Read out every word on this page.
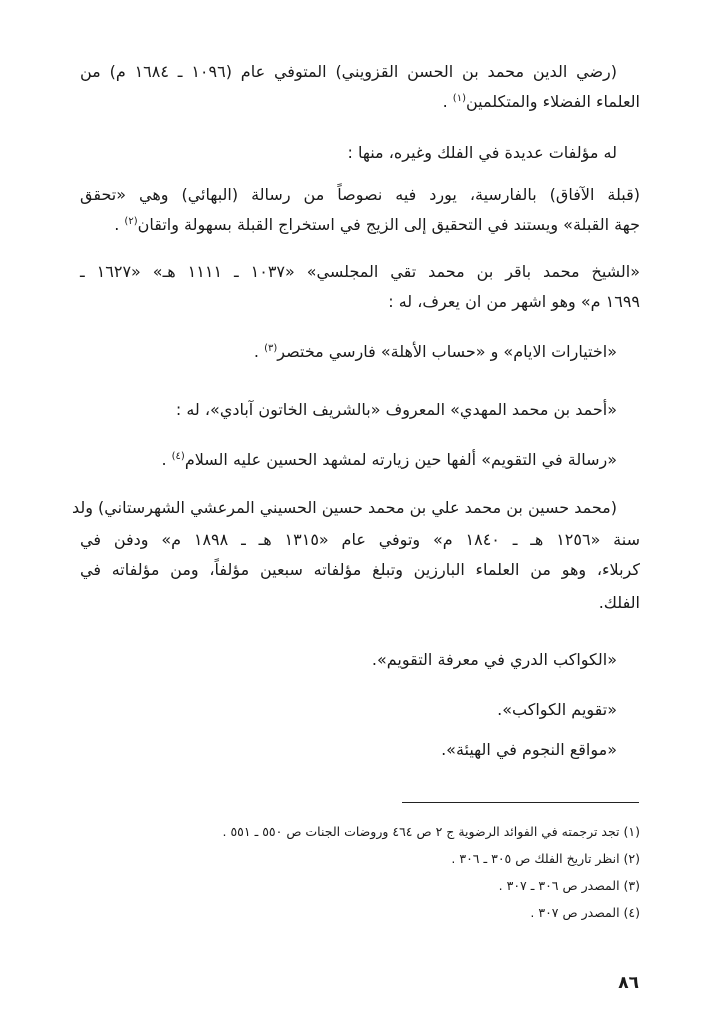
(رضي الدين محمد بن الحسن القزويني) المتوفي عام (١٠٩٦ ـ ١٦٨٤ م) من
العلماء الفضلاء والمتكلمين$^{(١)}$ .
له مؤلفات عديدة في الفلك وغيره، منها :
(قبلة الآفاق) بالفارسية، يورد فيه نصوصاً من رسالة (البهائي) وهي «تحقق
جهة القبلة» ويستند في التحقيق إلى الزيج في استخراج القبلة بسهولة واتقان$^{(٢)}$ .
«الشيخ محمد باقر بن محمد تقي المجلسي» «١٠٣٧ ـ ١١١١ هـ» «١٦٢٧ ـ
١٦٩٩ م» وهو اشهر من ان يعرف، له :
«اختيارات الايام» و «حساب الأهلة» فارسي مختصر$^{(٣)}$ .
«أحمد بن محمد المهدي» المعروف «بالشريف الخاتون آبادي»، له :
«رسالة في التقويم» ألفها حين زيارته لمشهد الحسين عليه السلام$^{(٤)}$ .
(محمد حسين بن محمد علي بن محمد حسين الحسيني المرعشي الشهرستاني) ولد
سنة «١٢٥٦ هـ ـ ١٨٤٠ م» وتوفي عام «١٣١٥ هـ ـ ١٨٩٨ م» ودفن في
كربلاء، وهو من العلماء البارزين وتبلغ مؤلفاته سبعين مؤلفاً، ومن مؤلفاته في
الفلك.
«الكواكب الدري في معرفة التقويم».
«تقويم الكواكب».
«مواقع النجوم في الهيئة».
(١) تجد ترجمته في الفوائد الرضوية ج ٢ ص ٤٦٤ وروضات الجنات ص ٥٥٠ ـ ٥٥١ .
(٢) انظر تاريخ الفلك ص ٣٠٥ ـ ٣٠٦ .
(٣) المصدر ص ٣٠٦ ـ ٣٠٧ .
(٤) المصدر ص ٣٠٧ .
٨٦
